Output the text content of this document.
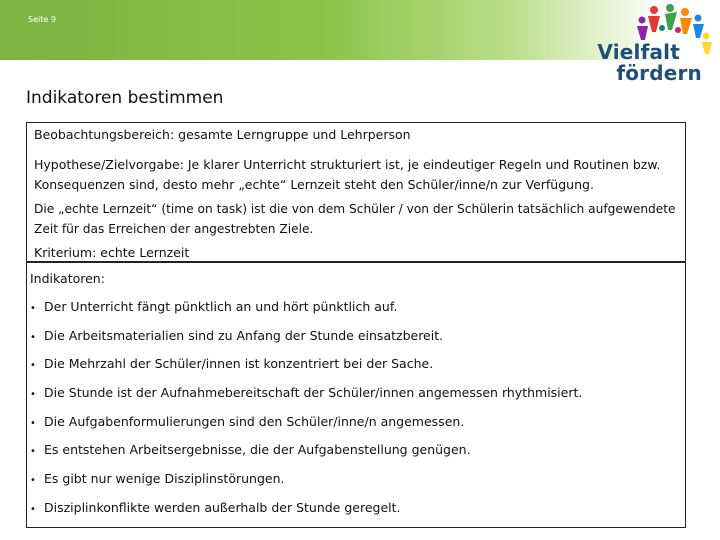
Seite 9
Vielfalt
fördern
Indikatoren bestimmen
Beobachtungsbereich: gesamte Lerngruppe und Lehrperson
Hypothese/Zielvorgabe: Je klarer Unterricht strukturiert ist, je eindeutiger Regeln und Routinen bzw. Konsequenzen sind, desto mehr „echte“ Lernzeit steht den Schüler/inne/n zur Verfügung.
Die „echte Lernzeit“ (time on task) ist die von dem Schüler / von der Schülerin tatsächlich aufgewendete Zeit für das Erreichen der angestrebten Ziele.
Kriterium: echte Lernzeit
Indikatoren:
• Der Unterricht fängt pünktlich an und hört pünktlich auf.
• Die Arbeitsmaterialien sind zu Anfang der Stunde einsatzbereit.
• Die Mehrzahl der Schüler/innen ist konzentriert bei der Sache.
• Die Stunde ist der Aufnahmebereitschaft der Schüler/innen angemessen rhythmisiert.
• Die Aufgabenformulierungen sind den Schüler/inne/n angemessen.
• Es entstehen Arbeitsergebnisse, die der Aufgabenstellung genügen.
• Es gibt nur wenige Disziplinstörungen.
• Disziplinkonflikte werden außerhalb der Stunde geregelt.
